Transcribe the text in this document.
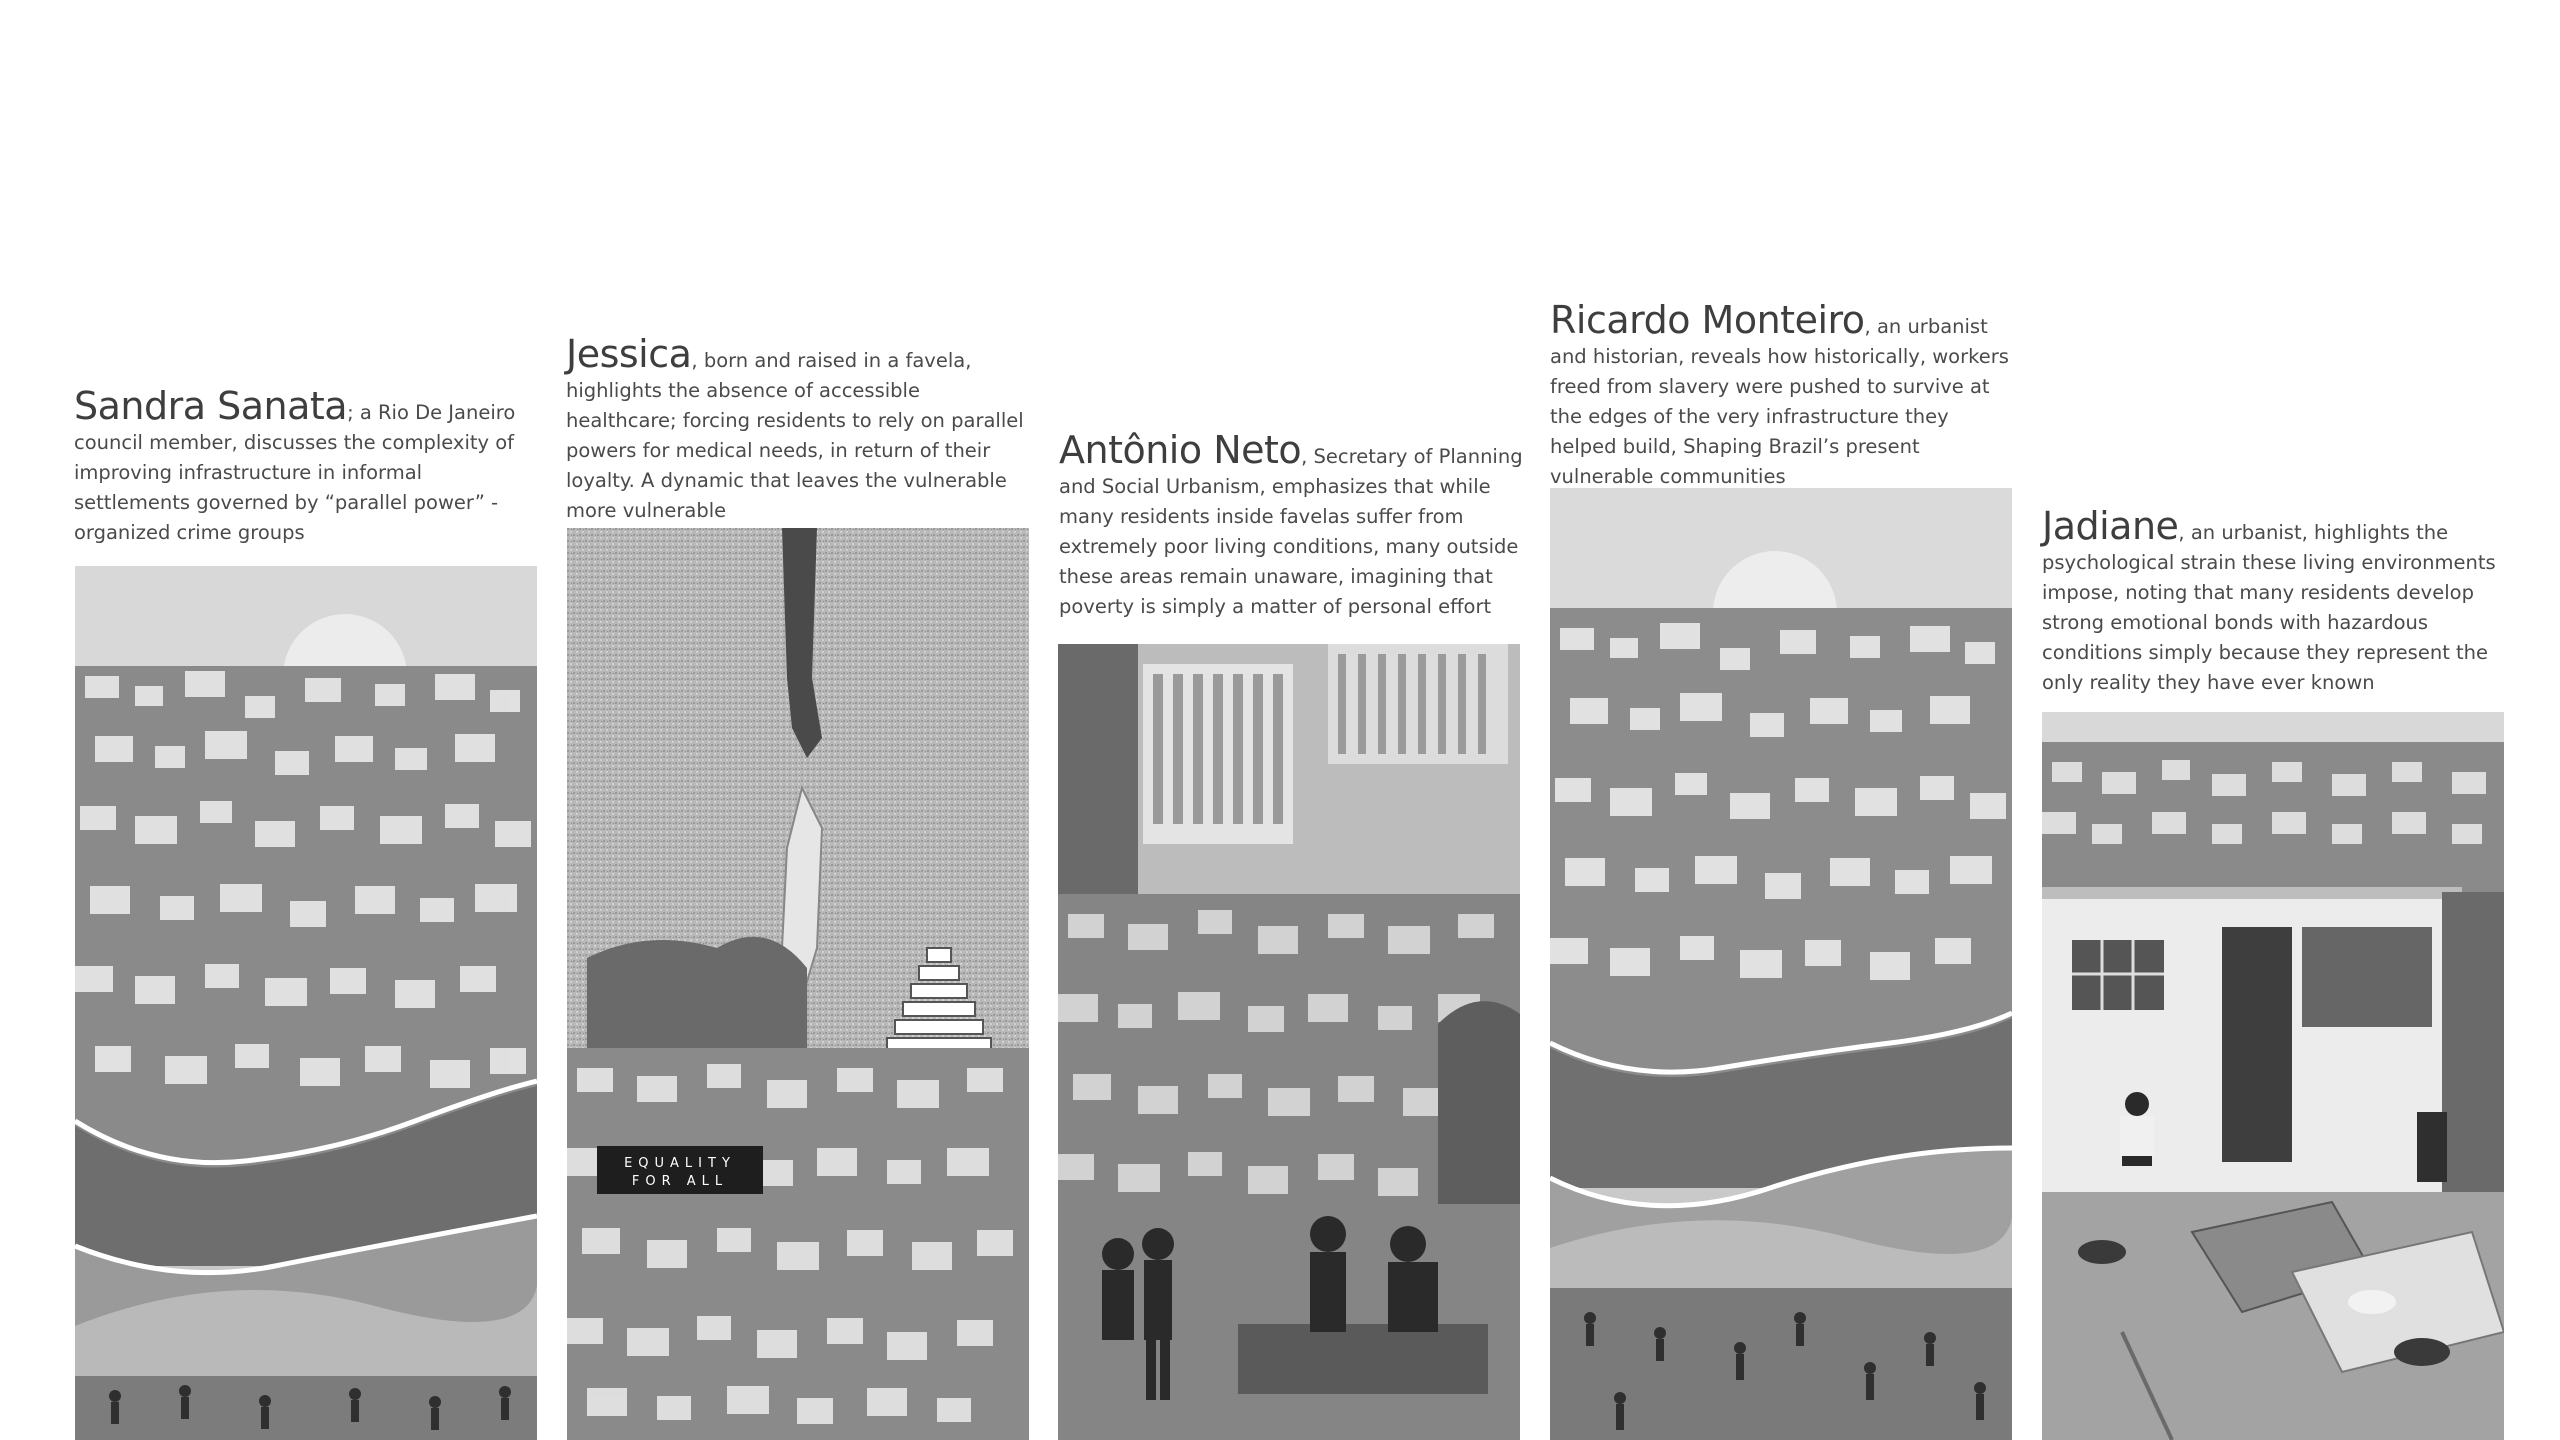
Sandra Sanata; a Rio De Janeiro council member, discusses the complexity of improving infrastructure in informal settlements governed by “parallel power” - organized crime groups

Jessica, born and raised in a favela, highlights the absence of accessible healthcare; forcing residents to rely on parallel powers for medical needs, in return of their loyalty. A dynamic that leaves the vulnerable more vulnerable

EQUALITY
FOR ALL

Antônio Neto, Secretary of Planning and Social Urbanism, emphasizes that while many residents inside favelas suffer from extremely poor living conditions, many outside these areas remain unaware, imagining that poverty is simply a matter of personal effort

Ricardo Monteiro, an urbanist and historian, reveals how historically, workers freed from slavery were pushed to survive at the edges of the very infrastructure they helped build, Shaping Brazil’s present vulnerable communities

Jadiane, an urbanist, highlights the psychological strain these living environments impose, noting that many residents develop strong emotional bonds with hazardous conditions simply because they represent the only reality they have ever known
